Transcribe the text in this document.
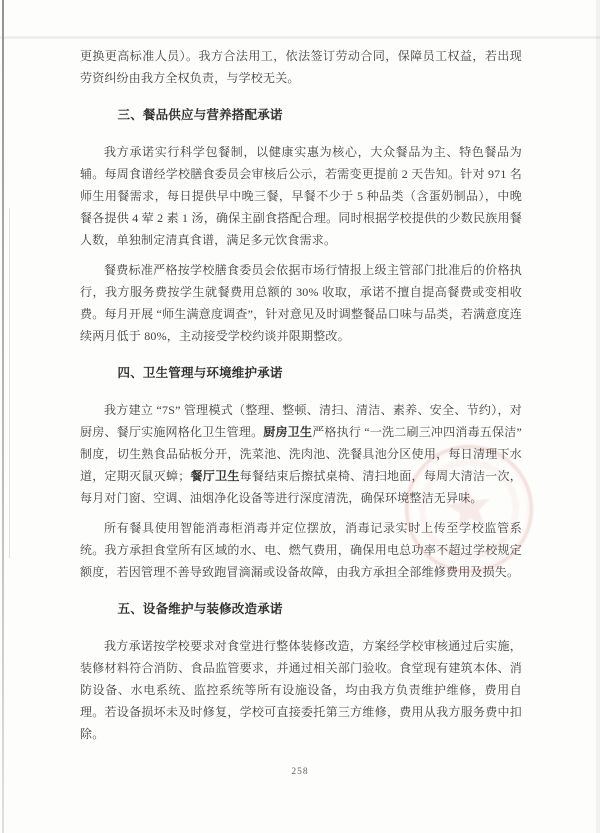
更换更高标准人员）。我方合法用工，依法签订劳动合同，保障员工权益，若出现劳资纠纷由我方全权负责，与学校无关。

三、餐品供应与营养搭配承诺

我方承诺实行科学包餐制，以健康实惠为核心，大众餐品为主、特色餐品为辅。每周食谱经学校膳食委员会审核后公示，若需变更提前 2 天告知。针对 971 名师生用餐需求，每日提供早中晚三餐，早餐不少于 5 种品类（含蛋奶制品），中晚餐各提供 4 荤 2 素 1 汤，确保主副食搭配合理。同时根据学校提供的少数民族用餐人数，单独制定清真食谱，满足多元饮食需求。

餐费标准严格按学校膳食委员会依据市场行情报上级主管部门批准后的价格执行，我方服务费按学生就餐费用总额的 30% 收取，承诺不擅自提高餐费或变相收费。每月开展 “师生满意度调查”，针对意见及时调整餐品口味与品类，若满意度连续两月低于 80%，主动接受学校约谈并限期整改。

四、卫生管理与环境维护承诺

我方建立 “7S” 管理模式（整理、整顿、清扫、清洁、素养、安全、节约），对厨房、餐厅实施网格化卫生管理。厨房卫生严格执行 “一洗二刷三冲四消毒五保洁” 制度，切生熟食品砧板分开，洗菜池、洗肉池、洗餐具池分区使用，每日清理下水道，定期灭鼠灭蟑；餐厅卫生每餐结束后擦拭桌椅、清扫地面，每周大清洁一次，每月对门窗、空调、油烟净化设备等进行深度清洗，确保环境整洁无异味。

所有餐具使用智能消毒柜消毒并定位摆放，消毒记录实时上传至学校监管系统。我方承担食堂所有区域的水、电、燃气费用，确保用电总功率不超过学校规定额度，若因管理不善导致跑冒滴漏或设备故障，由我方承担全部维修费用及损失。

五、设备维护与装修改造承诺

我方承诺按学校要求对食堂进行整体装修改造，方案经学校审核通过后实施，装修材料符合消防、食品监管要求，并通过相关部门验收。食堂现有建筑本体、消防设备、水电系统、监控系统等所有设施设备，均由我方负责维护维修，费用自理。若设备损坏未及时修复，学校可直接委托第三方维修，费用从我方服务费中扣除。

258
